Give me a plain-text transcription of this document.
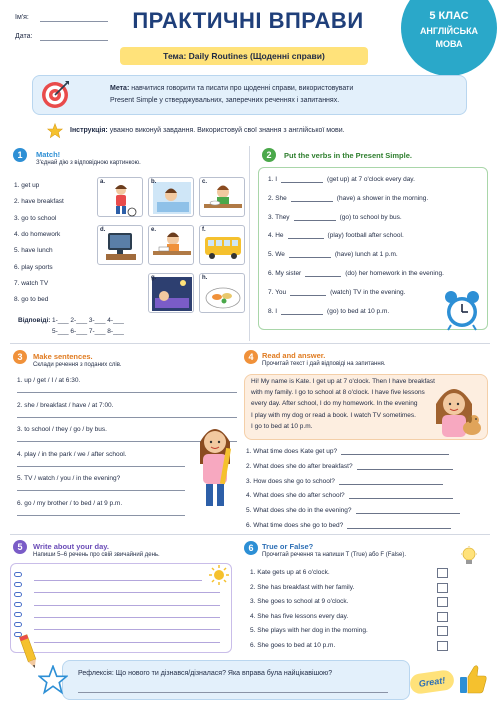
Ім'я:
Дата:
ПРАКТИЧНІ ВПРАВИ
Тема: Daily Routines (Щоденні справи)
5 КЛАС
АНГЛІЙСЬКА
МОВА
Мета: навчитися говорити та писати про щоденні справи, використовувати
Present Simple у стверджувальних, заперечних реченнях і запитаннях.
Інструкція: уважно виконуй завдання. Використовуй свої знання з англійської мови.
1	Match!
З'єднай дію з відповідною картинкою.
1. get up
2. have breakfast
3. go to school
4. do homework
5. have lunch
6. play sports
7. watch TV
8. go to bed
a.	b.	c.
d.	e.	f.
g.	h.
Відповіді: 1-___ 2-___ 3-___ 4-___
5-___ 6-___ 7-___ 8-___
2	Put the verbs in the Present Simple.
1. I	(get up) at 7 o'clock every day.
2. She	(have) a shower in the morning.
3. They	(go) to school by bus.
4. He	(play) football after school.
5. We	(have) lunch at 1 p.m.
6. My sister	(do) her homework in the evening.
7. You	(watch) TV in the evening.
8. I	(go) to bed at 10 p.m.
3	Make sentences.
Склади речення з поданих слів.
1. up / get / I / at 6:30.
2. she / breakfast / have / at 7:00.
3. to school / they / go / by bus.
4. play / in the park / we / after school.
5. TV / watch / you / in the evening?
6. go / my brother / to bed / at 9 p.m.
4	Read and answer.
Прочитай текст і дай відповіді на запитання.
Hi! My name is Kate. I get up at 7 o'clock. Then I have breakfast
with my family. I go to school at 8 o'clock. I have five lessons
every day. After school, I do my homework. In the evening
I play with my dog or read a book. I watch TV sometimes.
I go to bed at 10 p.m.
1. What time does Kate get up?
2. What does she do after breakfast?
3. How does she go to school?
4. What does she do after school?
5. What does she do in the evening?
6. What time does she go to bed?
5	Write about your day.
Напиши 5–6 речень про свій звичайний день.
6	True or False?
Прочитай речення та напиши T (True) або F (False).
1. Kate gets up at 6 o'clock.
2. She has breakfast with her family.
3. She goes to school at 9 o'clock.
4. She has five lessons every day.
5. She plays with her dog in the morning.
6. She goes to bed at 10 p.m.
Рефлексія: Що нового ти дізнався/дізналася? Яка вправа була найцікавішою?
Great!
